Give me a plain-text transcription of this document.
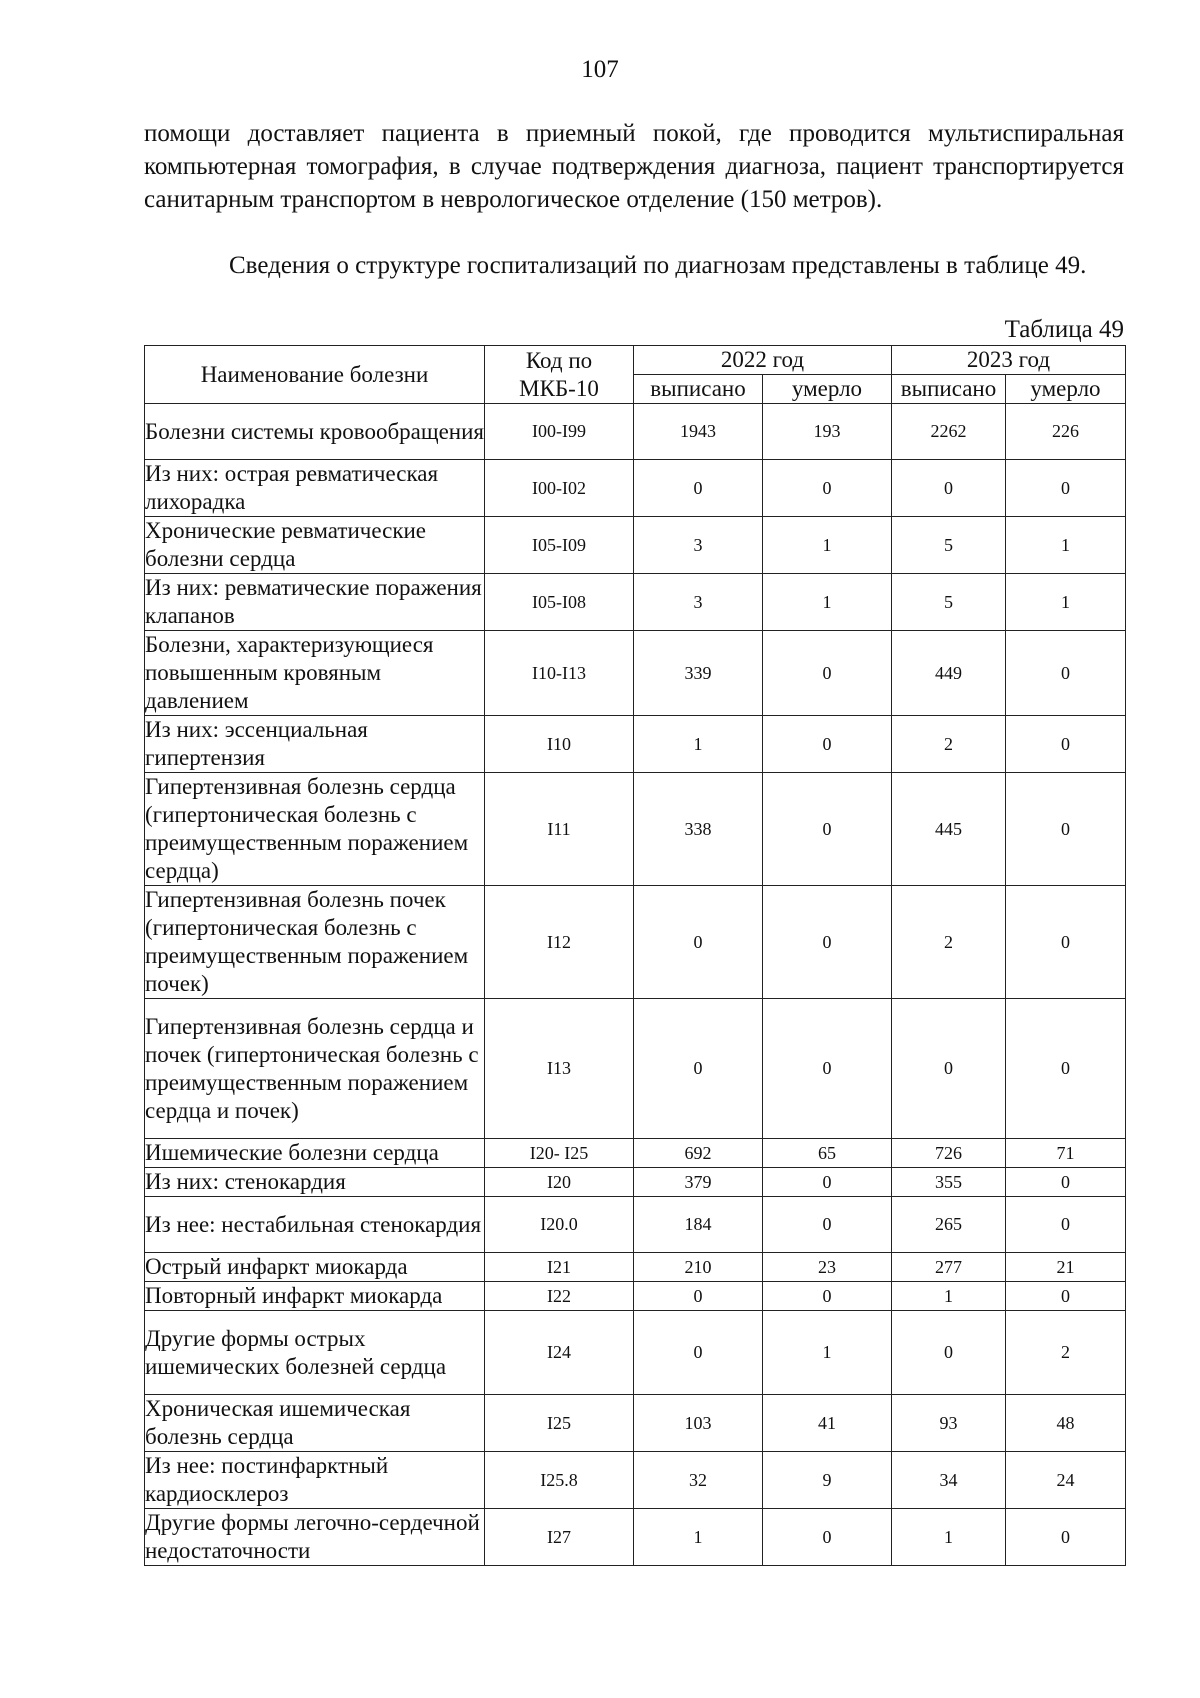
107

помощи доставляет пациента в приемный покой, где проводится мультиспиральная компьютерная томография, в случае подтверждения диагноза, пациент транспортируется санитарным транспортом в неврологическое отделение (150 метров).

Сведения о структуре госпитализаций по диагнозам представлены в таблице 49.

Таблица 49
Наименование болезни	Код по МКБ-10	2022 год		2023 год	
		выписано	умерло	выписано	умерло
Болезни системы кровообращения	I00-I99	1943	193	2262	226
Из них: острая ревматическая лихорадка	I00-I02	0	0	0	0
Хронические ревматические болезни сердца	I05-I09	3	1	5	1
Из них: ревматические поражения клапанов	I05-I08	3	1	5	1
Болезни, характеризующиеся повышенным кровяным давлением	I10-I13	339	0	449	0
Из них: эссенциальная гипертензия	I10	1	0	2	0
Гипертензивная болезнь сердца (гипертоническая болезнь с преимущественным поражением сердца)	I11	338	0	445	0
Гипертензивная болезнь почек (гипертоническая болезнь с преимущественным поражением почек)	I12	0	0	2	0
Гипертензивная болезнь сердца и почек (гипертоническая болезнь с преимущественным поражением сердца и почек)	I13	0	0	0	0
Ишемические болезни сердца	I20- I25	692	65	726	71
Из них: стенокардия	I20	379	0	355	0
Из нее: нестабильная стенокардия	I20.0	184	0	265	0
Острый инфаркт миокарда	I21	210	23	277	21
Повторный инфаркт миокарда	I22	0	0	1	0
Другие формы острых ишемических болезней сердца	I24	0	1	0	2
Хроническая ишемическая болезнь сердца	I25	103	41	93	48
Из нее: постинфарктный кардиосклероз	I25.8	32	9	34	24
Другие формы легочно-сердечной недостаточности	I27	1	0	1	0
